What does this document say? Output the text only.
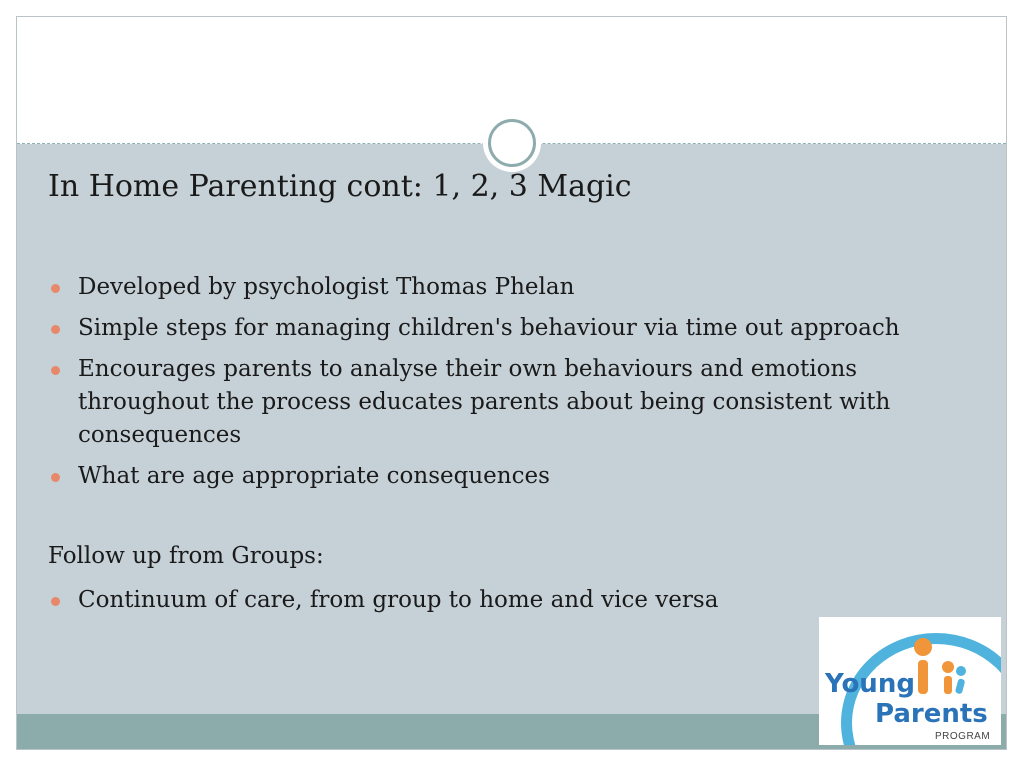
In Home Parenting cont: 1, 2, 3 Magic
Developed by psychologist Thomas Phelan
Simple steps for managing children's behaviour via time out approach
Encourages parents to analyse their own behaviours and emotions throughout the process educates parents about being consistent with consequences
What are age appropriate consequences
Follow up from Groups:
Continuum of care, from group to home and vice versa
Young
Parents
PROGRAM
